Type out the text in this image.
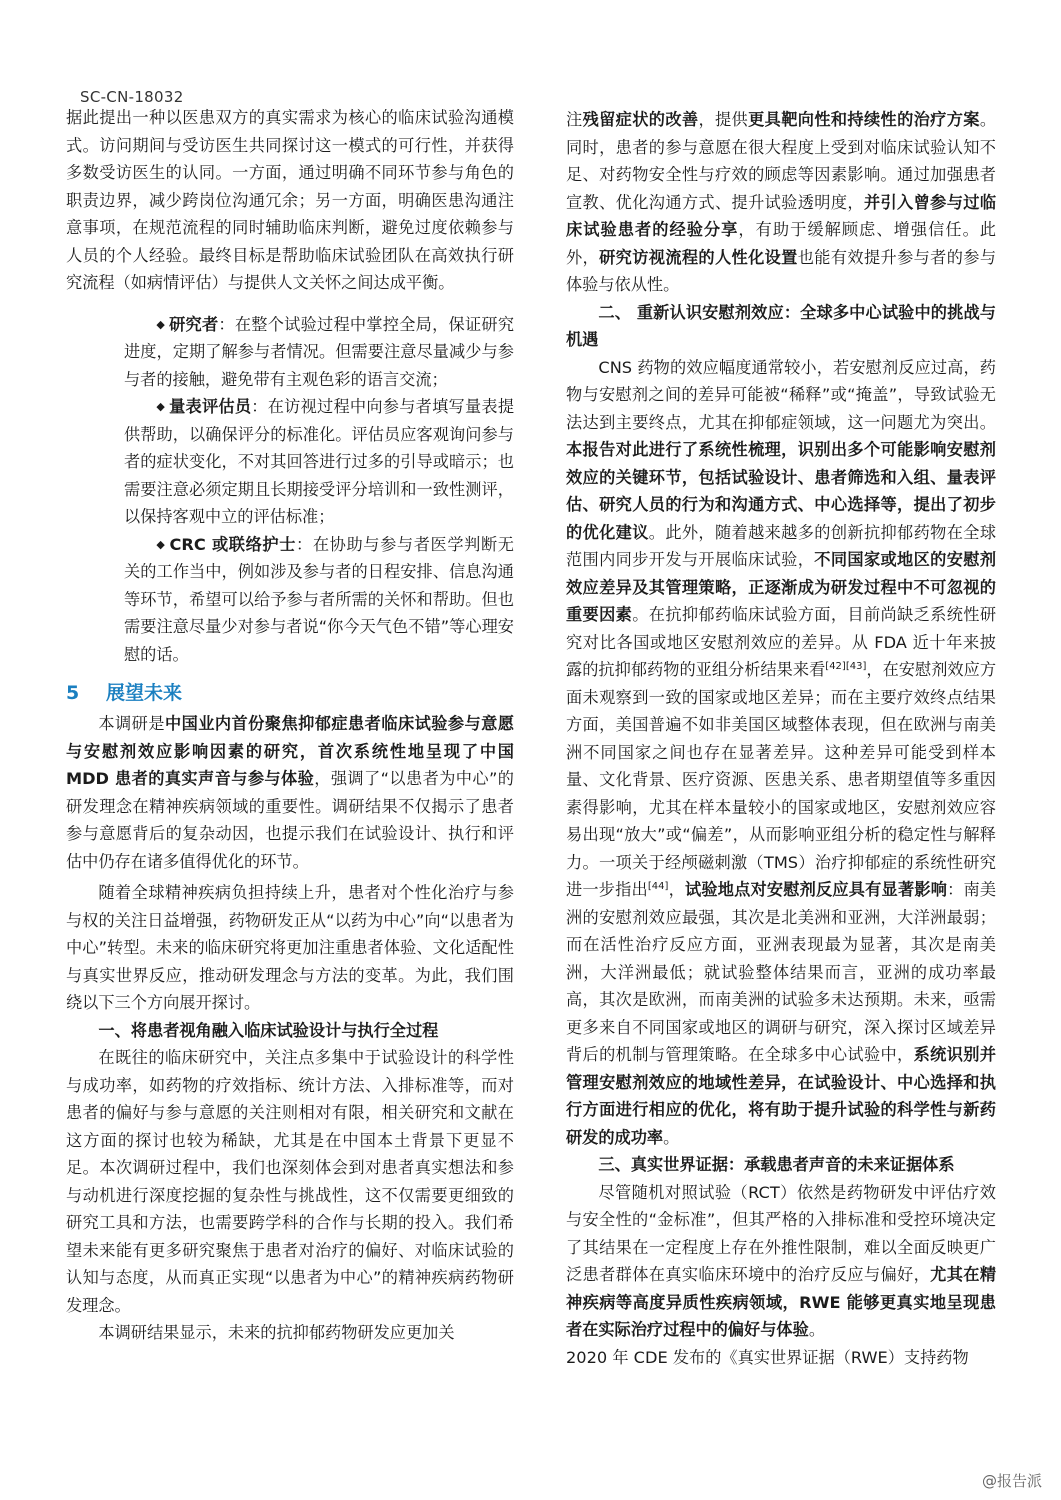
SC-CN-18032

据此提出一种以医患双方的真实需求为核心的临床试验沟通模式。访问期间与受访医生共同探讨这一模式的可行性，并获得多数受访医生的认同。一方面，通过明确不同环节参与角色的职责边界，减少跨岗位沟通冗余；另一方面，明确医患沟通注意事项，在规范流程的同时辅助临床判断，避免过度依赖参与人员的个人经验。最终目标是帮助临床试验团队在高效执行研究流程（如病情评估）与提供人文关怀之间达成平衡。

◆ 研究者：在整个试验过程中掌控全局，保证研究进度，定期了解参与者情况。但需要注意尽量减少与参与者的接触，避免带有主观色彩的语言交流；

◆ 量表评估员：在访视过程中向参与者填写量表提供帮助，以确保评分的标准化。评估员应客观询问参与者的症状变化，不对其回答进行过多的引导或暗示；也需要注意必须定期且长期接受评分培训和一致性测评，以保持客观中立的评估标准；

◆ CRC 或联络护士：在协助与参与者医学判断无关的工作当中，例如涉及参与者的日程安排、信息沟通等环节，希望可以给予参与者所需的关怀和帮助。但也需要注意尽量少对参与者说“你今天气色不错”等心理安慰的话。

5 展望未来

本调研是中国业内首份聚焦抑郁症患者临床试验参与意愿与安慰剂效应影响因素的研究，首次系统性地呈现了中国 MDD 患者的真实声音与参与体验，强调了“以患者为中心”的研发理念在精神疾病领域的重要性。调研结果不仅揭示了患者参与意愿背后的复杂动因，也提示我们在试验设计、执行和评估中仍存在诸多值得优化的环节。

随着全球精神疾病负担持续上升，患者对个性化治疗与参与权的关注日益增强，药物研发正从“以药为中心”向“以患者为中心”转型。未来的临床研究将更加注重患者体验、文化适配性与真实世界反应，推动研发理念与方法的变革。为此，我们围绕以下三个方向展开探讨。

一、将患者视角融入临床试验设计与执行全过程

在既往的临床研究中，关注点多集中于试验设计的科学性与成功率，如药物的疗效指标、统计方法、入排标准等，而对患者的偏好与参与意愿的关注则相对有限，相关研究和文献在这方面的探讨也较为稀缺，尤其是在中国本土背景下更显不足。本次调研过程中，我们也深刻体会到对患者真实想法和参与动机进行深度挖掘的复杂性与挑战性，这不仅需要更细致的研究工具和方法，也需要跨学科的合作与长期的投入。我们希望未来能有更多研究聚焦于患者对治疗的偏好、对临床试验的认知与态度，从而真正实现“以患者为中心”的精神疾病药物研发理念。

本调研结果显示，未来的抗抑郁药物研发应更加关

注残留症状的改善，提供更具靶向性和持续性的治疗方案。同时，患者的参与意愿在很大程度上受到对临床试验认知不足、对药物安全性与疗效的顾虑等因素影响。通过加强患者宣教、优化沟通方式、提升试验透明度，并引入曾参与过临床试验患者的经验分享，有助于缓解顾虑、增强信任。此外，研究访视流程的人性化设置也能有效提升参与者的参与体验与依从性。

二、 重新认识安慰剂效应：全球多中心试验中的挑战与机遇

CNS 药物的效应幅度通常较小，若安慰剂反应过高，药物与安慰剂之间的差异可能被“稀释”或“掩盖”，导致试验无法达到主要终点，尤其在抑郁症领域，这一问题尤为突出。本报告对此进行了系统性梳理，识别出多个可能影响安慰剂效应的关键环节，包括试验设计、患者筛选和入组、量表评估、研究人员的行为和沟通方式、中心选择等，提出了初步的优化建议。此外，随着越来越多的创新抗抑郁药物在全球范围内同步开发与开展临床试验，不同国家或地区的安慰剂效应差异及其管理策略，正逐渐成为研发过程中不可忽视的重要因素。在抗抑郁药临床试验方面，目前尚缺乏系统性研究对比各国或地区安慰剂效应的差异。从 FDA 近十年来披露的抗抑郁药物的亚组分析结果来看[42][43]，在安慰剂效应方面未观察到一致的国家或地区差异；而在主要疗效终点结果方面，美国普遍不如非美国区域整体表现，但在欧洲与南美洲不同国家之间也存在显著差异。这种差异可能受到样本量、文化背景、医疗资源、医患关系、患者期望值等多重因素得影响，尤其在样本量较小的国家或地区，安慰剂效应容易出现“放大”或“偏差”，从而影响亚组分析的稳定性与解释力。一项关于经颅磁刺激（TMS）治疗抑郁症的系统性研究进一步指出[44]，试验地点对安慰剂反应具有显著影响：南美洲的安慰剂效应最强，其次是北美洲和亚洲，大洋洲最弱；而在活性治疗反应方面，亚洲表现最为显著，其次是南美洲，大洋洲最低；就试验整体结果而言，亚洲的成功率最高，其次是欧洲，而南美洲的试验多未达预期。未来，亟需更多来自不同国家或地区的调研与研究，深入探讨区域差异背后的机制与管理策略。在全球多中心试验中，系统识别并管理安慰剂效应的地域性差异，在试验设计、中心选择和执行方面进行相应的优化，将有助于提升试验的科学性与新药研发的成功率。

三、真实世界证据：承载患者声音的未来证据体系

尽管随机对照试验（RCT）依然是药物研发中评估疗效与安全性的“金标准”，但其严格的入排标准和受控环境决定了其结果在一定程度上存在外推性限制，难以全面反映更广泛患者群体在真实临床环境中的治疗反应与偏好，尤其在精神疾病等高度异质性疾病领域，RWE 能够更真实地呈现患者在实际治疗过程中的偏好与体验。

2020 年 CDE 发布的《真实世界证据（RWE）支持药物

@报告派
